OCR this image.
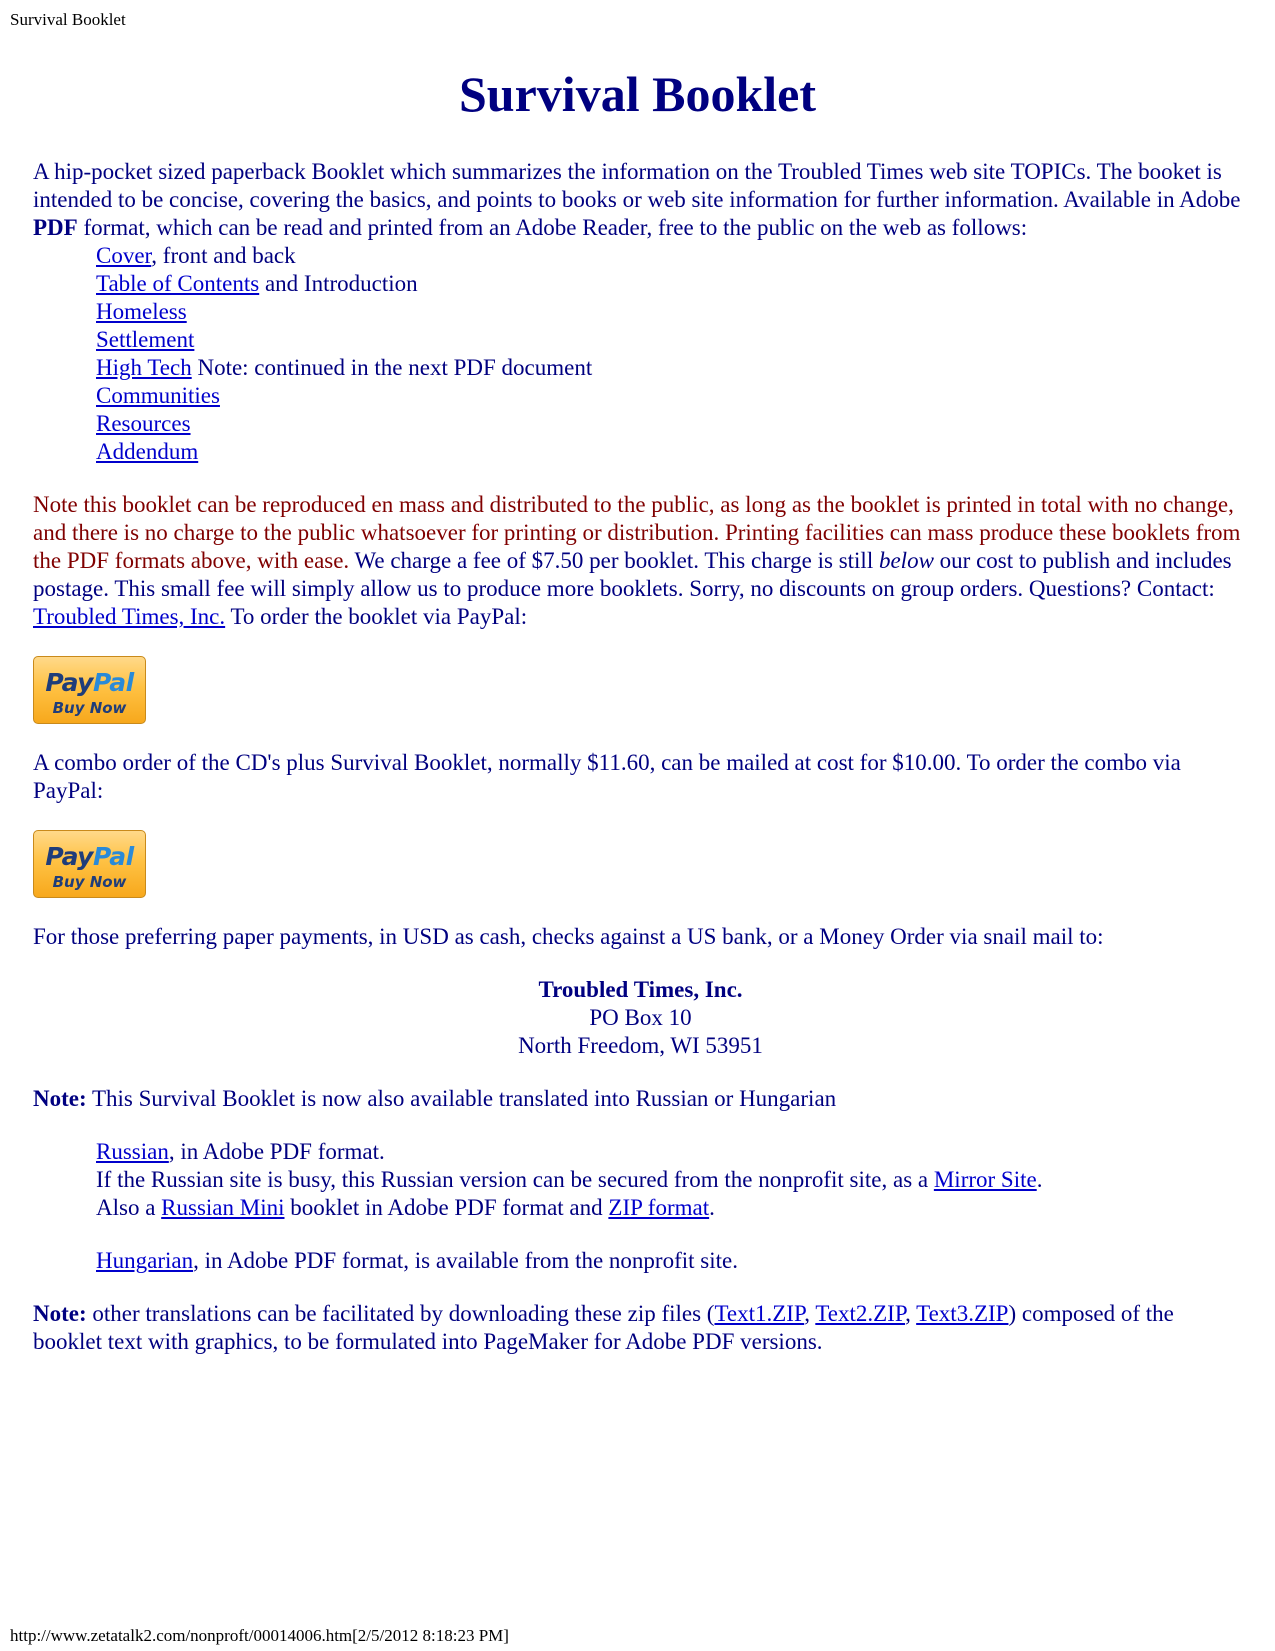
Survival Booklet
Survival Booklet

A hip-pocket sized paperback Booklet which summarizes the information on the Troubled Times web site TOPICs. The booket is intended to be concise, covering the basics, and points to books or web site information for further information. Available in Adobe PDF format, which can be read and printed from an Adobe Reader, free to the public on the web as follows:

Cover, front and back
Table of Contents and Introduction
Homeless
Settlement
High Tech Note: continued in the next PDF document
Communities
Resources
Addendum

Note this booklet can be reproduced en mass and distributed to the public, as long as the booklet is printed in total with no change, and there is no charge to the public whatsoever for printing or distribution. Printing facilities can mass produce these booklets from the PDF formats above, with ease. We charge a fee of $7.50 per booklet. This charge is still below our cost to publish and includes postage. This small fee will simply allow us to produce more booklets. Sorry, no discounts on group orders. Questions? Contact: Troubled Times, Inc. To order the booklet via PayPal:

PayPal
Buy Now

A combo order of the CD's plus Survival Booklet, normally $11.60, can be mailed at cost for $10.00. To order the combo via PayPal:

PayPal
Buy Now

For those preferring paper payments, in USD as cash, checks against a US bank, or a Money Order via snail mail to:

Troubled Times, Inc.
PO Box 10
North Freedom, WI 53951

Note: This Survival Booklet is now also available translated into Russian or Hungarian

Russian, in Adobe PDF format.
If the Russian site is busy, this Russian version can be secured from the nonprofit site, as a Mirror Site.
Also a Russian Mini booklet in Adobe PDF format and ZIP format.
Hungarian, in Adobe PDF format, is available from the nonprofit site.

Note: other translations can be facilitated by downloading these zip files (Text1.ZIP, Text2.ZIP, Text3.ZIP) composed of the booklet text with graphics, to be formulated into PageMaker for Adobe PDF versions.

http://www.zetatalk2.com/nonproft/00014006.htm[2/5/2012 8:18:23 PM]
